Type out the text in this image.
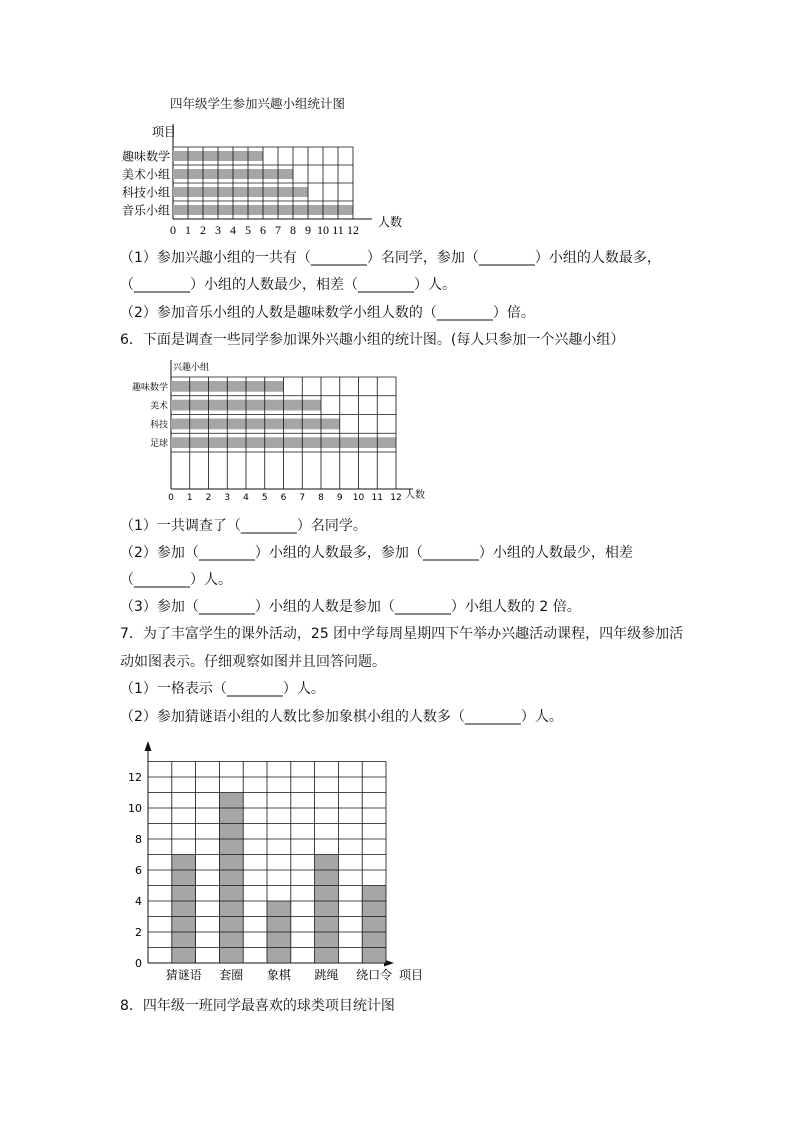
四年级学生参加兴趣小组统计图
趣味数学
美术小组
科技小组
音乐小组
0 1 2 3 4 5 6 7 8 9 10 11 12
项目
人数
（1）参加兴趣小组的一共有（________）名同学，参加（________）小组的人数最多，
（________）小组的人数最少，相差（________）人。
（2）参加音乐小组的人数是趣味数学小组人数的（________）倍。
6．下面是调查一些同学参加课外兴趣小组的统计图。(每人只参加一个兴趣小组）
趣味数学
美术
科技
足球
0 1 2 3 4 5 6 7 8 9 10 11 12
兴趣小组
人数
（1）一共调查了（________）名同学。
（2）参加（________）小组的人数最多，参加（________）小组的人数最少，相差
（________）人。
（3）参加（________）小组的人数是参加（________）小组人数的 2 倍。
7．为了丰富学生的课外活动，25 团中学每周星期四下午举办兴趣活动课程，四年级参加活
动如图表示。仔细观察如图并且回答问题。
（1）一格表示（________）人。
（2）参加猜谜语小组的人数比参加象棋小组的人数多（________）人。
0
2
4
6
8
10
12
猜谜语 套圈 象棋 跳绳 绕口令 项目
8．四年级一班同学最喜欢的球类项目统计图
